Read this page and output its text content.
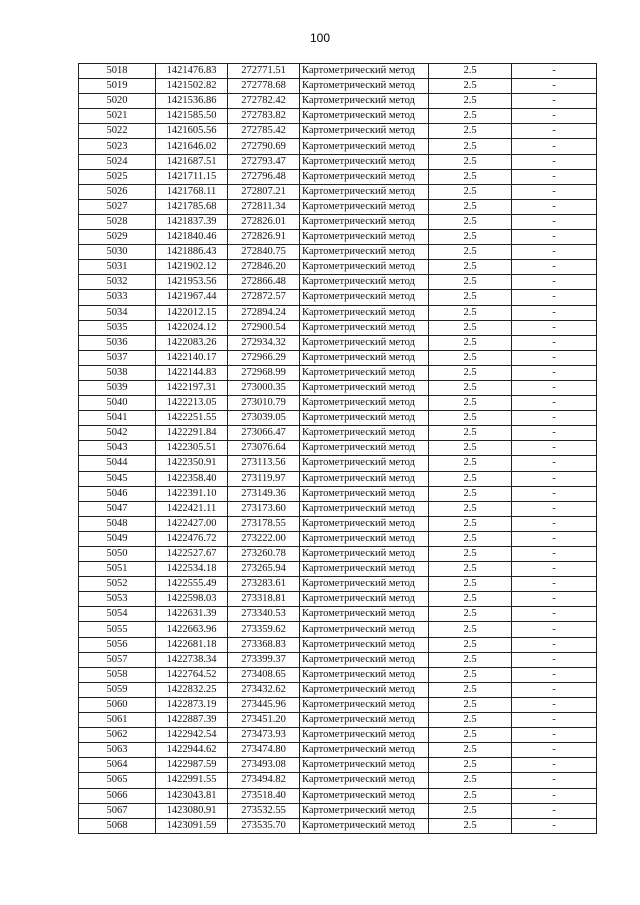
100
5018	1421476.83	272771.51	Картометрический метод	2.5	-
5019	1421502.82	272778.68	Картометрический метод	2.5	-
5020	1421536.86	272782.42	Картометрический метод	2.5	-
5021	1421585.50	272783.82	Картометрический метод	2.5	-
5022	1421605.56	272785.42	Картометрический метод	2.5	-
5023	1421646.02	272790.69	Картометрический метод	2.5	-
5024	1421687.51	272793.47	Картометрический метод	2.5	-
5025	1421711.15	272796.48	Картометрический метод	2.5	-
5026	1421768.11	272807.21	Картометрический метод	2.5	-
5027	1421785.68	272811.34	Картометрический метод	2.5	-
5028	1421837.39	272826.01	Картометрический метод	2.5	-
5029	1421840.46	272826.91	Картометрический метод	2.5	-
5030	1421886.43	272840.75	Картометрический метод	2.5	-
5031	1421902.12	272846.20	Картометрический метод	2.5	-
5032	1421953.56	272866.48	Картометрический метод	2.5	-
5033	1421967.44	272872.57	Картометрический метод	2.5	-
5034	1422012.15	272894.24	Картометрический метод	2.5	-
5035	1422024.12	272900.54	Картометрический метод	2.5	-
5036	1422083.26	272934.32	Картометрический метод	2.5	-
5037	1422140.17	272966.29	Картометрический метод	2.5	-
5038	1422144.83	272968.99	Картометрический метод	2.5	-
5039	1422197.31	273000.35	Картометрический метод	2.5	-
5040	1422213.05	273010.79	Картометрический метод	2.5	-
5041	1422251.55	273039.05	Картометрический метод	2.5	-
5042	1422291.84	273066.47	Картометрический метод	2.5	-
5043	1422305.51	273076.64	Картометрический метод	2.5	-
5044	1422350.91	273113.56	Картометрический метод	2.5	-
5045	1422358.40	273119.97	Картометрический метод	2.5	-
5046	1422391.10	273149.36	Картометрический метод	2.5	-
5047	1422421.11	273173.60	Картометрический метод	2.5	-
5048	1422427.00	273178.55	Картометрический метод	2.5	-
5049	1422476.72	273222.00	Картометрический метод	2.5	-
5050	1422527.67	273260.78	Картометрический метод	2.5	-
5051	1422534.18	273265.94	Картометрический метод	2.5	-
5052	1422555.49	273283.61	Картометрический метод	2.5	-
5053	1422598.03	273318.81	Картометрический метод	2.5	-
5054	1422631.39	273340.53	Картометрический метод	2.5	-
5055	1422663.96	273359.62	Картометрический метод	2.5	-
5056	1422681.18	273368.83	Картометрический метод	2.5	-
5057	1422738.34	273399.37	Картометрический метод	2.5	-
5058	1422764.52	273408.65	Картометрический метод	2.5	-
5059	1422832.25	273432.62	Картометрический метод	2.5	-
5060	1422873.19	273445.96	Картометрический метод	2.5	-
5061	1422887.39	273451.20	Картометрический метод	2.5	-
5062	1422942.54	273473.93	Картометрический метод	2.5	-
5063	1422944.62	273474.80	Картометрический метод	2.5	-
5064	1422987.59	273493.08	Картометрический метод	2.5	-
5065	1422991.55	273494.82	Картометрический метод	2.5	-
5066	1423043.81	273518.40	Картометрический метод	2.5	-
5067	1423080.91	273532.55	Картометрический метод	2.5	-
5068	1423091.59	273535.70	Картометрический метод	2.5	-
